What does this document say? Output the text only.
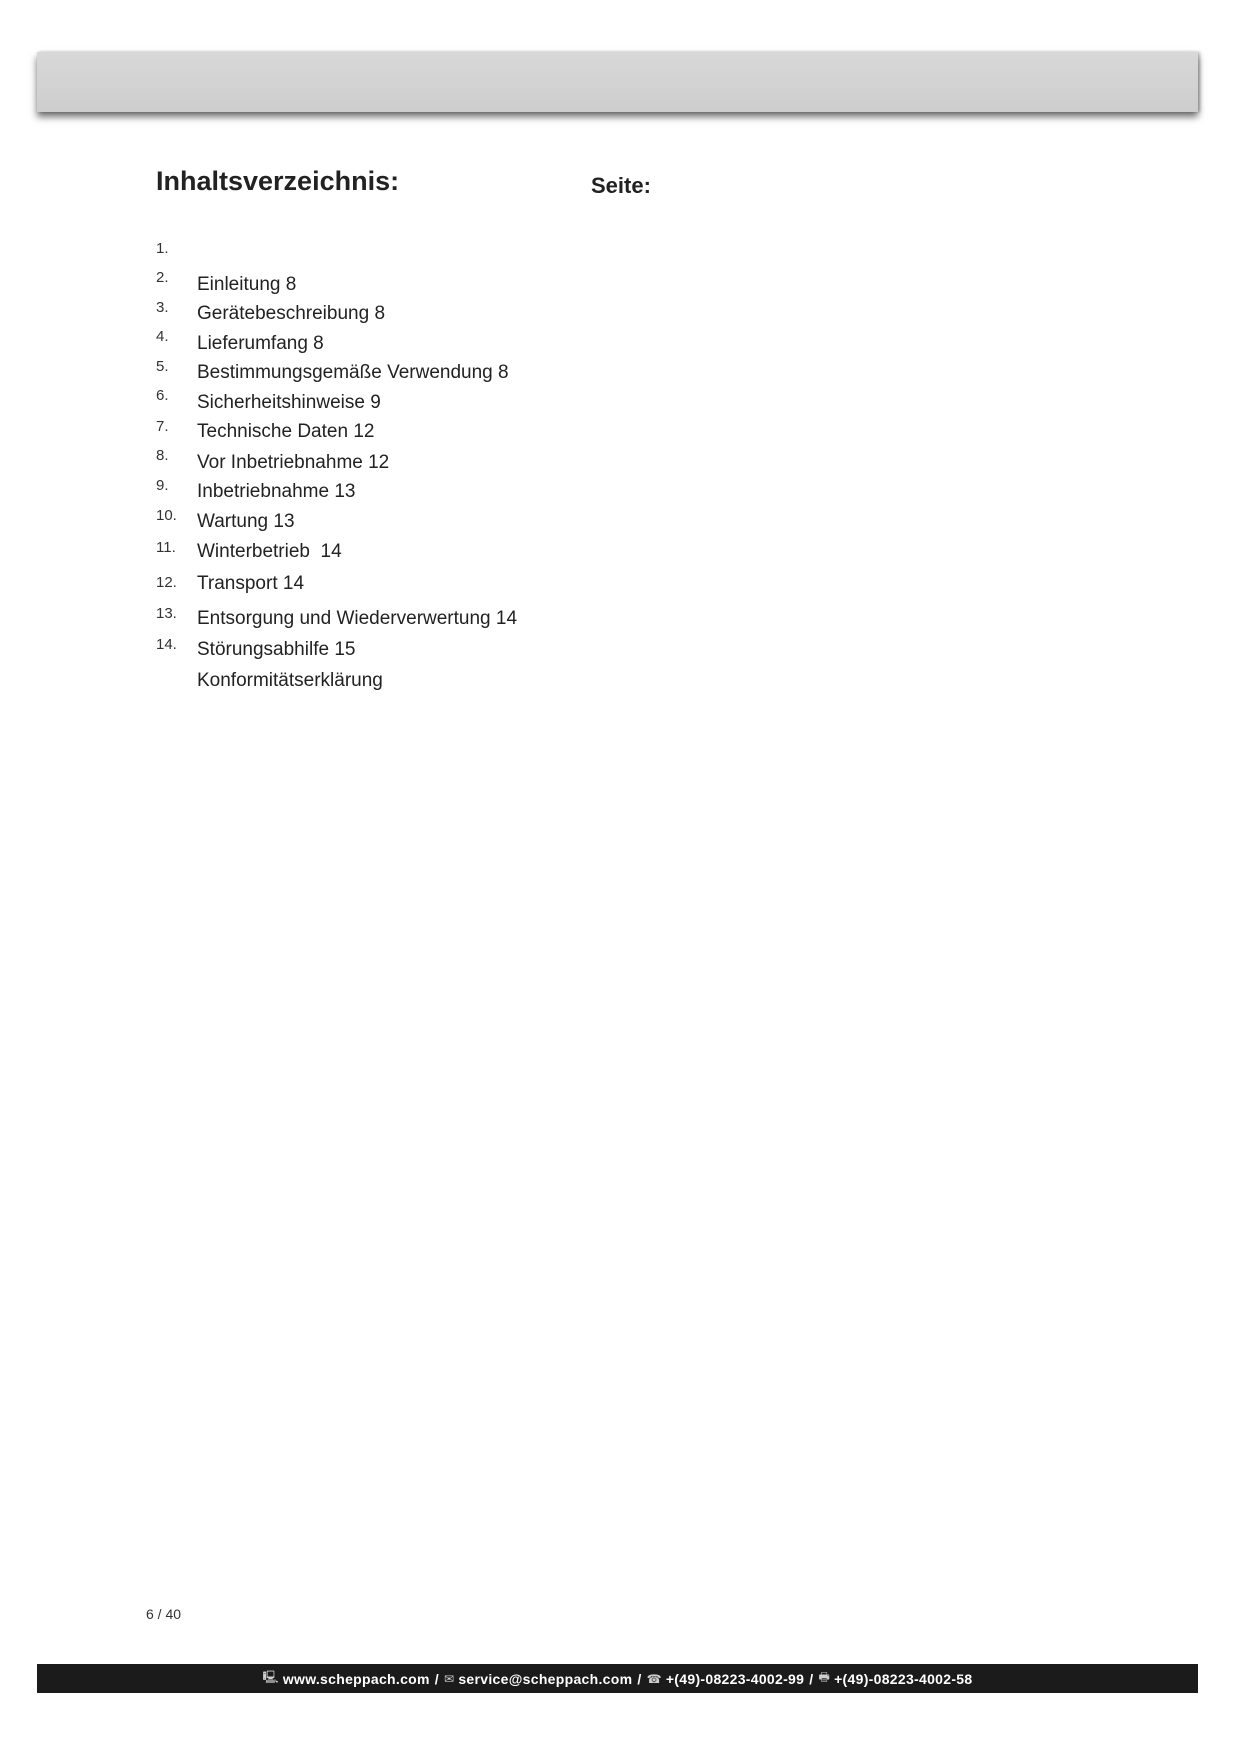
Inhaltsverzeichnis:	Seite:

1.

Einleitung 8

2.

Gerätebeschreibung 8

3.

Lieferumfang 8

4.

Bestimmungsgemäße Verwendung 8

5.

Sicherheitshinweise 9

6.

Technische Daten 12

7.

Vor Inbetriebnahme 12

8.

Inbetriebnahme 13

9.

Wartung 13

10.

Winterbetrieb  14

11.

Transport 14

12.

Entsorgung und Wiederverwertung 14

13.

Störungsabhilfe 15

14.

Konformitätserklärung

6 / 40
🖳 www.scheppach.com / ✉ service@scheppach.com / ☎ +(49)-08223-4002-99 / 🖶 +(49)-08223-4002-58
